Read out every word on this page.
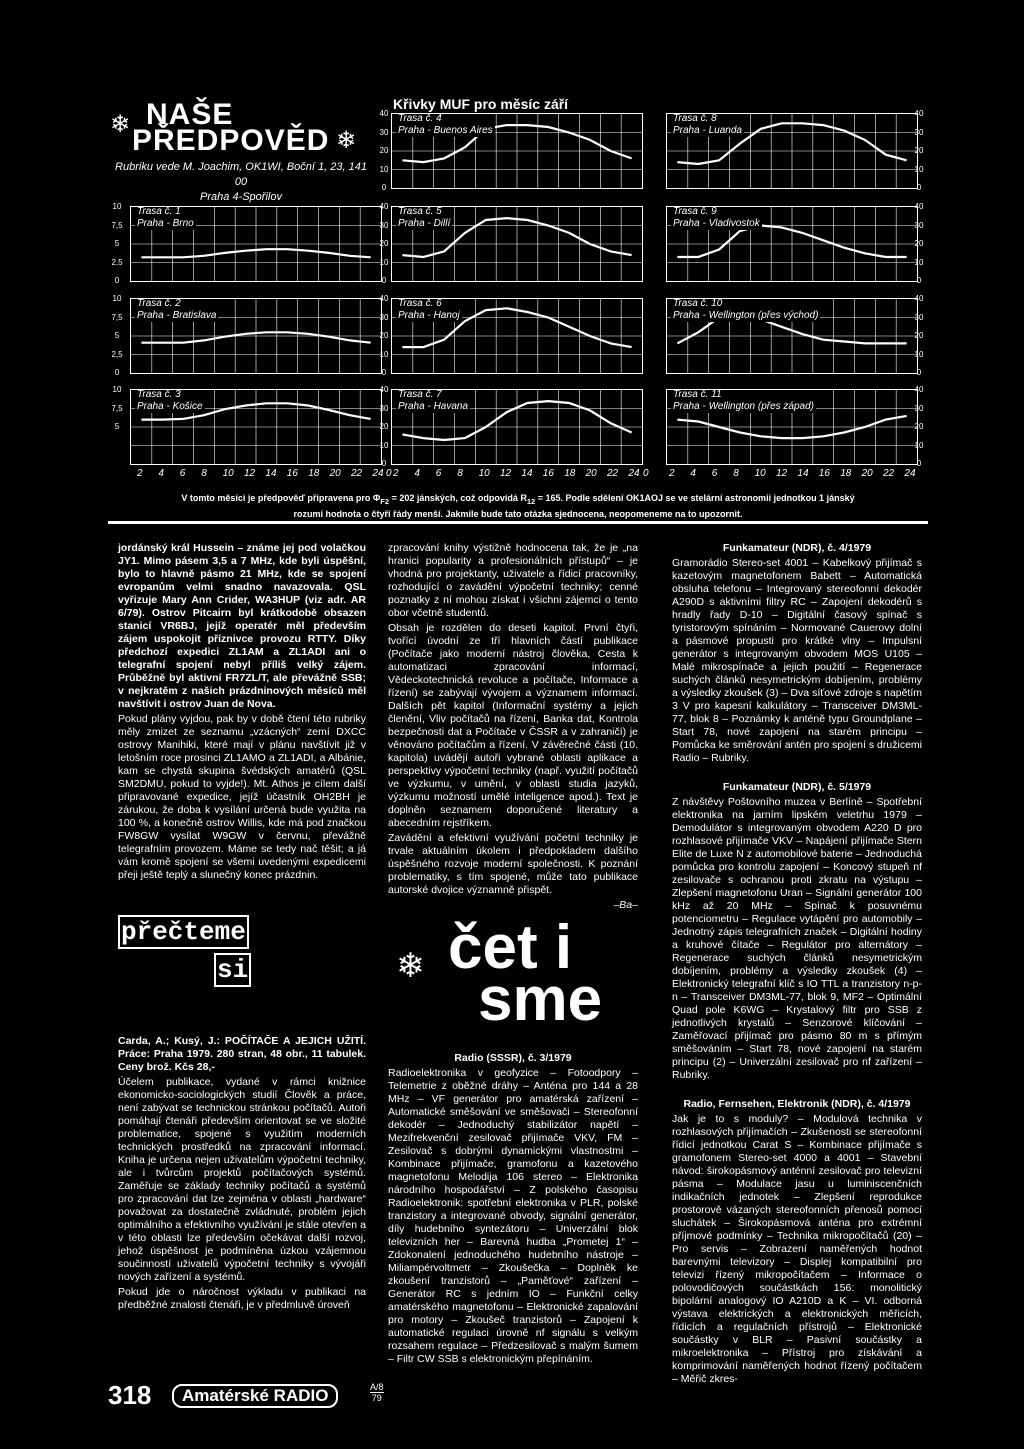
❄ NAŠE
PŘEDPOVĚD ❄
Rubriku vede M. Joachim, OK1WI, Boční 1, 23, 141 00
Praha 4-Spořilov
Křivky MUF pro měsíc září
Trasa č. 1
Praha - Brno
Trasa č. 2
Praha - Bratislava
Trasa č. 3
Praha - Košice
Trasa č. 4
Praha - Buenos Aires
Trasa č. 5
Praha - Dillí
Trasa č. 6
Praha - Hanoj
Trasa č. 7
Praha - Havana
Trasa č. 8
Praha - Luanda
Trasa č. 9
Praha - Vladivostok
Trasa č. 10
Praha - Wellington (přes východ)
Trasa č. 11
Praha - Wellington (přes západ)
10
7,5
5
2,5
0
10
7,5
5
2,5
0
10
7,5
5
40
30
20
10
0
40
30
20
10
0
40
30
20
10
0
40
30
20
10
0
40
30
20
10
0
40
30
20
10
0
40
30
20
10
0
40
30
20
10
0
2 4 6 8 10 12 14 16 18 20 22 24 2 4 6 8 10 12 14 16 18 20 22 24	2 4 6 8 10 12 14 16 18 20 22 24
0	0
V tomto měsíci je předpověď připravena pro $\Phi_{F2} = 202$ jánských, což odpovídá $R_{12} = 165$. Podle sdělení OK1AOJ se ve stelární astronomii jednotkou 1 jánský
rozumí hodnota o čtyři řády menší. Jakmile bude tato otázka sjednocena, neopomeneme na to upozornit.

jordánský král Hussein – známe jej pod volačkou JY1. Mimo pásem 3,5 a 7 MHz, kde byli úspěšní, bylo to hlavně pásmo 21 MHz, kde se spojení evropanům velmi snadno navazovala. QSL vyřizuje Mary Ann Crider, WA3HUP (viz adr. AR 6/79). Ostrov Pitcairn byl krátkodobě obsazen stanicí VR6BJ, jejíž operatér měl především zájem uspokojit příznivce provozu RTTY. Díky předchozí expedici ZL1AM a ZL1ADI ani o telegrafní spojení nebyl příliš velký zájem. Průběžně byl aktivní FR7ZL/T, ale převážně SSB; v nejkratěm z našich prázdninových měsíců měl navštívit i ostrov Juan de Nova.

Pokud plány vyjdou, pak by v době čtení této rubriky měly zmizet ze seznamu „vzácných“ zemí DXCC ostrovy Manihiki, které mají v plánu navštívit již v letošním roce prosinci ZL1AMO a ZL1ADI, a Albánie, kam se chystá skupina švédských amatérů (QSL SM2DMU, pokud to vyjde!). Mt. Athos je cílem další připravované expedice, jejíž účastník OH2BH je zárukou, že doba k vysílání určená bude využita na 100 %, a konečně ostrov Willis, kde má pod značkou FW8GW vysílat W9GW v červnu, převážně telegrafním provozem. Máme se tedy nač těšit; a já vám kromě spojení se všemi uvedenými expedicemi přeji ještě teplý a slunečný konec prázdnin.

přečteme
si

Carda, A.; Kusý, J.: POČÍTAČE A JEJICH UŽITÍ. Práce: Praha 1979. 280 stran, 48 obr., 11 tabulek. Ceny brož. Kčs 28,-

Účelem publikace, vydané v rámci knižnice ekonomicko-sociologických studií Člověk a práce, není zabývat se technickou stránkou počítačů. Autoři pomáhají čtenáři především orientovat se ve složité problematice, spojené s využitím moderních technických prostředků na zpracování informací. Kniha je určena nejen uživatelům výpočetní techniky, ale i tvůrcům projektů počítačových systémů. Zaměřuje se základy techniky počítačů a systémů pro zpracování dat lze zejména v oblasti „hardware“ považovat za dostatečně zvládnuté, problém jejich optimálního a efektivního využívání je stále otevřen a v této oblasti lze především očekávat další rozvoj, jehož úspěšnost je podmíněna úzkou vzájemnou součinností uživatelů výpočetní techniky s vývojáři nových zařízení a systémů.

Pokud jde o náročnost výkladu v publikaci na předběžné znalosti čtenáři, je v předmluvě úroveň

zpracování knihy výstižně hodnocena tak, že je „na hranici popularity a profesionálních přístupů“ – je vhodná pro projektanty, uživatele a řídicí pracovníky, rozhodující o zavádění výpočetní techniky; cenné poznatky z ní mohou získat i všichni zájemci o tento obor včetně studentů.

Obsah je rozdělen do deseti kapitol. První čtyři, tvořící úvodní ze tří hlavních částí publikace (Počítače jako moderní nástroj člověka, Cesta k automatizaci zpracování informací, Vědeckotechnická revoluce a počítače, Informace a řízení) se zabývají vývojem a významem informací. Dalších pět kapitol (Informační systémy a jejich členění, Vliv počítačů na řízení, Banka dat, Kontrola bezpečnosti dat a Počítače v ČSSR a v zahraničí) je věnováno počítačům a řízení. V závěrečné části (10. kapitola) uvádějí autoři vybrané oblasti aplikace a perspektivy výpočetní techniky (např. využití počítačů ve výzkumu, v umění, v oblasti studia jazyků, výzkumu možností umělé inteligence apod.). Text je doplněn seznamem doporučené literatury a abecedním rejstříkem.

Zavádění a efektivní využívání početní techniky je trvale aktuálním úkolem i předpokladem dalšího úspěšného rozvoje moderní společnosti. K poznání problematiky, s tím spojené, může tato publikace autorské dvojice významně přispět.

–Ba–

čet i
sme
❄

Radio (SSSR), č. 3/1979

Radioelektronika v geofyzice – Fotoodpory – Telemetrie z oběžné dráhy – Anténa pro 144 a 28 MHz – VF generátor pro amatérská zařízení – Automatické směšování ve směšovači – Stereofonní dekodér – Jednoduchý stabilizátor napětí – Mezifrekvenční zesilovač přijímače VKV, FM – Zesilovač s dobrými dynamickými vlastnostmi – Kombinace přijímače, gramofonu a kazetového magnetofonu Melodija 106 stereo – Elektronika národního hospodářství – Z polského časopisu Radioelektronik: spotřební elektronika v PLR, polské tranzistory a integrované obvody, signální generátor, díly hudebního syntezátoru – Univerzální blok televizních her – Barevná hudba „Prometej 1“ – Zdokonalení jednoduchého hudebního nástroje – Miliampérvoltmetr – Zkoušečka – Doplněk ke zkoušení tranzistorů – „Paměťové“ zařízení – Generátor RC s jedním IO – Funkční celky amatérského magnetofonu – Elektronické zapalování pro motory – Zkoušeč tranzistorů – Zapojení k automatické regulaci úrovně nf signálu s velkým rozsahem regulace – Předzesilovač s malým šumem – Filtr CW SSB s elektronickým přepínáním.

Funkamateur (NDR), č. 4/1979

Gramorádio Stereo-set 4001 – Kabelkový přijímač s kazetovým magnetofonem Babett – Automatická obsluha telefonu – Integrovaný stereofonní dekodér A290D s aktivními filtry RC – Zapojení dekodérů s hradly řady D-10 – Digitální časový spínač s tyristorovým spínáním – Normované Cauerovy dolní a pásmové propusti pro krátké vlny – Impulsní generátor s integrovaným obvodem MOS U105 – Malé mikrospínače a jejich použití – Regenerace suchých článků nesymetrickým dobíjením, problémy a výsledky zkoušek (3) – Dva síťové zdroje s napětím 3 V pro kapesní kalkulátory – Transceiver DM3ML-77, blok 8 – Poznámky k anténě typu Groundplane – Start 78, nové zapojení na starém principu – Pomůcka ke směrování antén pro spojení s družicemi Radio – Rubriky.

Funkamateur (NDR), č. 5/1979

Z návštěvy Poštovního muzea v Berlíně – Spotřební elektronika na jarním lipském veletrhu 1979 – Demodulátor s integrovaným obvodem A220 D pro rozhlasové přijímače VKV – Napájení přijímače Stern Elite de Luxe N z automobilové baterie – Jednoduchá pomůcka pro kontrolu zapojení – Koncový stupeň nf zesilovače s ochranou proti zkratu na výstupu – Zlepšení magnetofonu Uran – Signální generátor 100 kHz až 20 MHz – Spínač k posuvnému potenciometru – Regulace vytápění pro automobily – Jednotný zápis telegrafních značek – Digitální hodiny a kruhové čítače – Regulátor pro alternátory – Regenerace suchých článků nesymetrickým dobíjením, problémy a výsledky zkoušek (4) – Elektronický telegrafní klíč s IO TTL a tranzistory n-p-n – Transceiver DM3ML-77, blok 9, MF2 – Optimální Quad pole K6WG – Krystalový filtr pro SSB z jednotlivých krystalů – Senzorové klíčování – Zaměřovací přijímač pro pásmo 80 m s přímým směšováním – Start 78, nové zapojení na starém principu (2) – Univerzální zesilovač pro nf zařízení – Rubriky.

Radio, Fernsehen, Elektronik (NDR), č. 4/1979

Jak je to s moduly? – Modulová technika v rozhlasových přijímačích – Zkušenosti se stereofonní řídicí jednotkou Carat S – Kombinace přijímače s gramofonem Stereo-set 4000 a 4001 – Stavební návod: širokopásmový anténní zesilovač pro televizní pásma – Modulace jasu u luminiscenčních indikačních jednotek – Zlepšení reprodukce prostorově vázaných stereofonních přenosů pomocí sluchátek – Širokopásmová anténa pro extrémní příjmové podmínky – Technika mikropočítačů (20) – Pro servis – Zobrazení naměřených hodnot barevnými televizory – Displej kompatibilní pro televizi řízený mikropočítačem – Informace o polovodičových součástkách 156: monolitický bipolární analogový IO A210D a K – VI. odborná výstava elektrických a elektronických měřicích, řídicích a regulačních přístrojů – Elektronické součástky v BLR – Pasivní součástky a mikroelektronika – Přístroj pro získávání a komprimování naměřených hodnot řízený počítačem – Měřič zkres-

318	Amatérské RADIO	A/8
79
